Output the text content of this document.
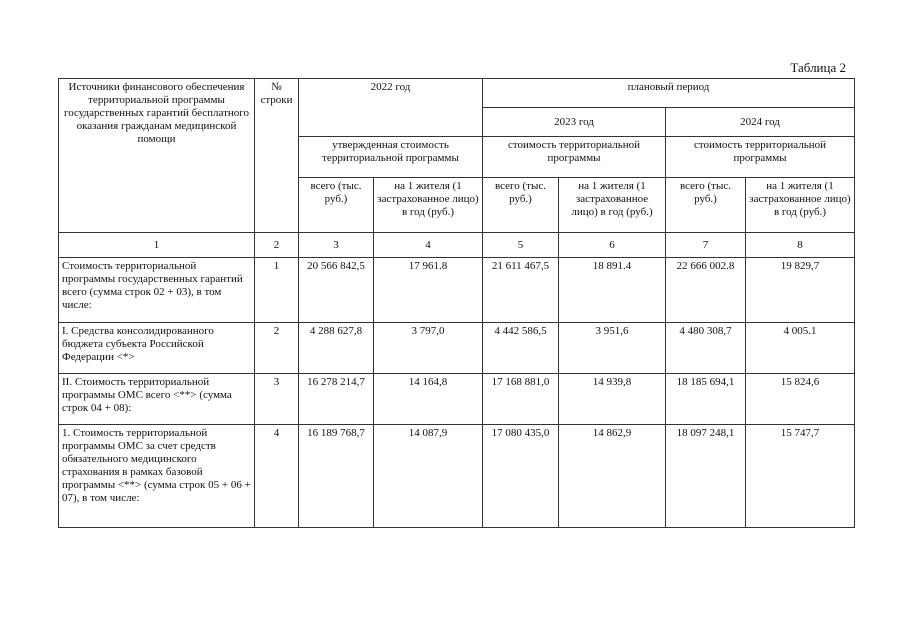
Таблица 2
Источники финансового обеспечения территориальной программы государственных гарантий бесплатного оказания гражданам медицинской помощи	№ строки	2022 год		плановый период			
				2023 год		2024 год	
		утвержденная стоимость территориальной программы		стоимость территориальной программы		стоимость территориальной программы	
		всего (тыс. руб.)	на 1 жителя (1 застрахованное лицо) в год (руб.)	всего (тыс. руб.)	на 1 жителя (1 застрахованное лицо) в год (руб.)	всего (тыс. руб.)	на 1 жителя (1 застрахованное лицо) в год (руб.)
1	2	3	4	5	6	7	8
Стоимость территориальной программы государственных гарантий всего (сумма строк 02 + 03), в том числе:	1	20 566 842,5	17 961.8	21 611 467,5	18 891.4	22 666 002.8	19 829,7
I. Средства консолидированного бюджета субъекта Российской Федерации <*>	2	4 288 627,8	3 797,0	4 442 586,5	3 951,6	4 480 308,7	4 005.1
II. Стоимость территориальной программы ОМС всего <**> (сумма строк 04 + 08):	3	16 278 214,7	14 164,8	17 168 881,0	14 939,8	18 185 694,1	15 824,6
1. Стоимость территориальной программы ОМС за счет средств обязательного медицинского страхования в рамках базовой программы <**> (сумма строк 05 + 06 + 07), в том числе:	4	16 189 768,7	14 087,9	17 080 435,0	14 862,9	18 097 248,1	15 747,7
